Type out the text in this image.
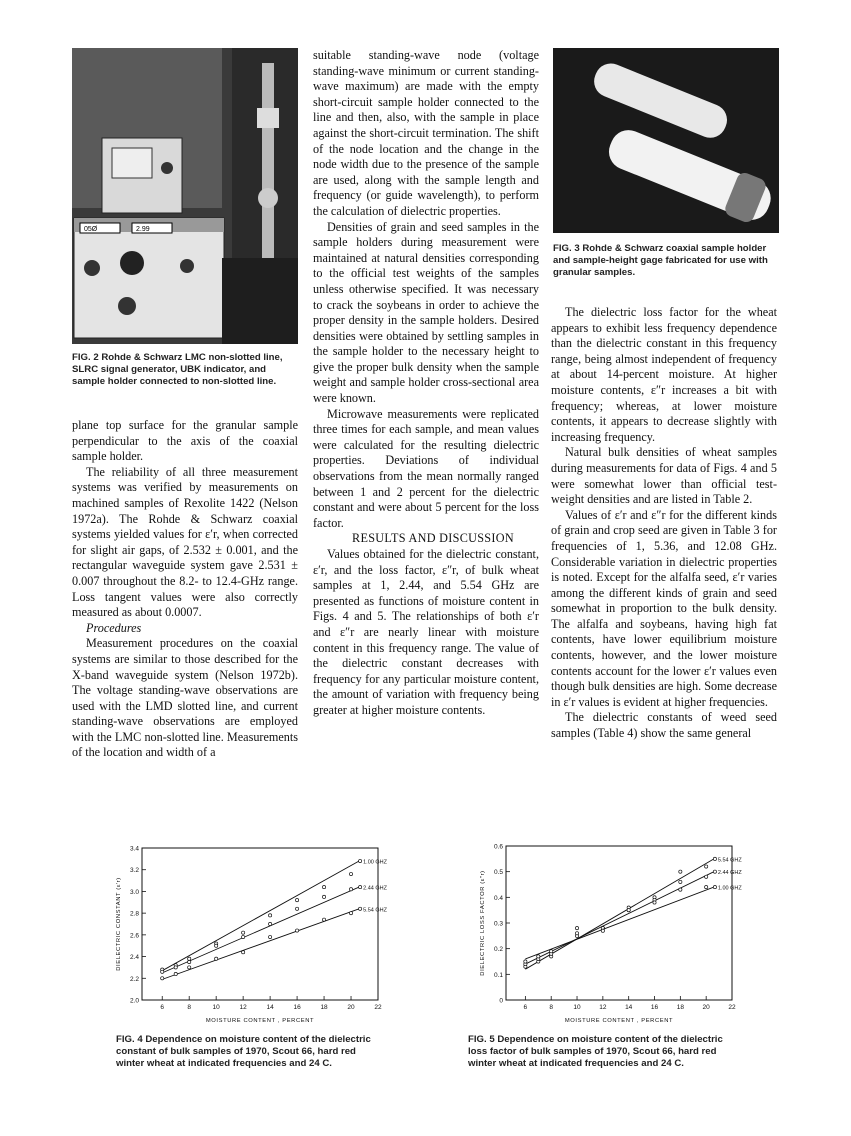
05Ø	2.99
FIG. 2 Rohde & Schwarz LMC non-slotted line, SLRC signal generator, UBK indicator, and sample holder connected to non-slotted line.

plane top surface for the granular sample perpendicular to the axis of the coaxial sample holder.

The reliability of all three measurement systems was verified by measurements on machined samples of Rexolite 1422 (Nelson 1972a). The Rohde & Schwarz coaxial systems yielded values for ε′r, when corrected for slight air gaps, of 2.532 ± 0.001, and the rectangular waveguide system gave 2.531 ± 0.007 throughout the 8.2- to 12.4-GHz range. Loss tangent values were also correctly measured as about 0.0007.

Procedures

Measurement procedures on the coaxial systems are similar to those described for the X-band waveguide system (Nelson 1972b). The voltage standing-wave observations are used with the LMD slotted line, and current standing-wave observations are employed with the LMC non-slotted line. Measurements of the location and width of a

suitable standing-wave node (voltage standing-wave minimum or current standing-wave maximum) are made with the empty short-circuit sample holder connected to the line and then, also, with the sample in place against the short-circuit termination. The shift of the node location and the change in the node width due to the presence of the sample are used, along with the sample length and frequency (or guide wavelength), to perform the calculation of dielectric properties.

Densities of grain and seed samples in the sample holders during measurement were maintained at natural densities corresponding to the official test weights of the samples unless otherwise specified. It was necessary to crack the soybeans in order to achieve the proper density in the sample holders. Desired densities were obtained by settling samples in the sample holder to the necessary height to give the proper bulk density when the sample weight and sample holder cross-sectional area were known.

Microwave measurements were replicated three times for each sample, and mean values were calculated for the resulting dielectric properties. Deviations of individual observations from the mean normally ranged between 1 and 2 percent for the dielectric constant and were about 5 percent for the loss factor.

RESULTS AND DISCUSSION

Values obtained for the dielectric constant, ε′r, and the loss factor, ε″r, of bulk wheat samples at 1, 2.44, and 5.54 GHz are presented as functions of moisture content in Figs. 4 and 5. The relationships of both ε′r and ε″r are nearly linear with moisture content in this frequency range. The value of the dielectric constant decreases with frequency for any particular moisture content, the amount of variation with frequency being greater at higher moisture contents.

FIG. 3 Rohde & Schwarz coaxial sample holder and sample-height gage fabricated for use with granular samples.

The dielectric loss factor for the wheat appears to exhibit less frequency dependence than the dielectric constant in this frequency range, being almost independent of frequency at about 14-percent moisture. At higher moisture contents, ε″r increases a bit with frequency; whereas, at lower moisture contents, it appears to decrease slightly with increasing frequency.

Natural bulk densities of wheat samples during measurements for data of Figs. 4 and 5 were somewhat lower than official test-weight densities and are listed in Table 2.

Values of ε′r and ε″r for the different kinds of grain and crop seed are given in Table 3 for frequencies of 1, 5.36, and 12.08 GHz. Considerable variation in dielectric properties is noted. Except for the alfalfa seed, ε′r varies among the different kinds of grain and seed somewhat in proportion to the bulk density. The alfalfa and soybeans, having high fat contents, have lower equilibrium moisture contents, however, and the lower moisture contents account for the lower ε′r values even though bulk densities are high. Some decrease in ε′r values is evident at higher frequencies.

The dielectric constants of weed seed samples (Table 4) show the same general

2.0
2.2
2.4
2.6
2.8
3.0
3.2
3.4
6	8	10	12	14	16	18	20	22
MOISTURE CONTENT , PERCENT
DIELECTRIC CONSTANT (ε′r)
1.00 GHZ
2.44 GHZ
5.54 GHZ
FIG. 4 Dependence on moisture content of the dielectric constant of bulk samples of 1970, Scout 66, hard red winter wheat at indicated frequencies and 24 C.
0
0.1
0.2
0.3
0.4
0.5
0.6
6	8	10	12	14	16	18	20	22
MOISTURE CONTENT , PERCENT
DIELECTRIC LOSS FACTOR (ε″r)
5.54 GHZ
2.44 GHZ
1.00 GHZ
FIG. 5 Dependence on moisture content of the dielectric loss factor of bulk samples of 1970, Scout 66, hard red winter wheat at indicated frequencies and 24 C.
